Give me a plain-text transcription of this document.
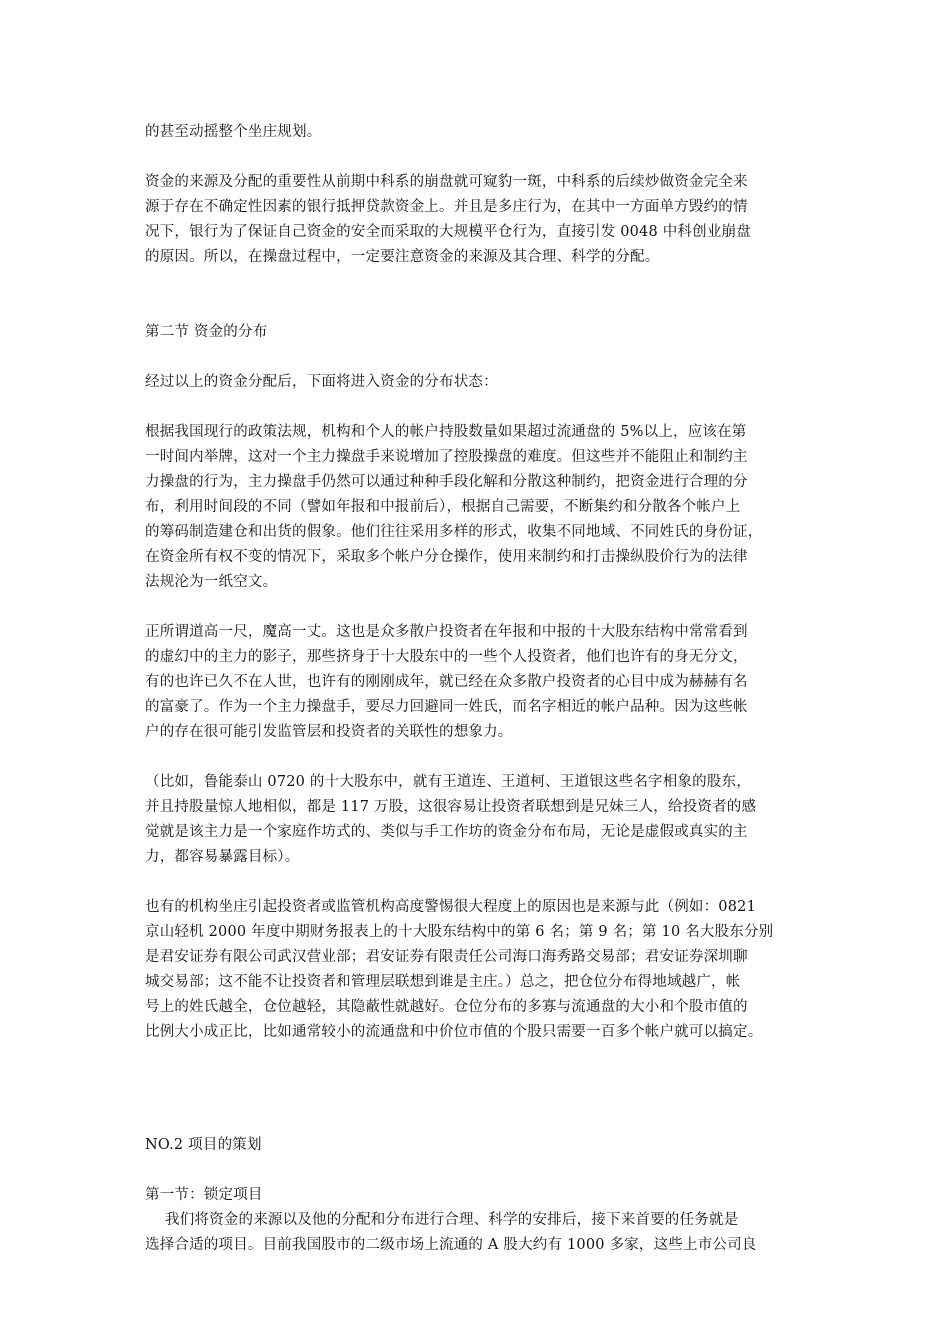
的甚至动摇整个坐庄规划。
资金的来源及分配的重要性从前期中科系的崩盘就可窥豹一斑，中科系的后续炒做资金完全来
源于存在不确定性因素的银行抵押贷款资金上。并且是多庄行为，在其中一方面单方毁约的情
况下，银行为了保证自己资金的安全而采取的大规模平仓行为，直接引发 0048 中科创业崩盘
的原因。所以，在操盘过程中，一定要注意资金的来源及其合理、科学的分配。
第二节 资金的分布
经过以上的资金分配后，下面将进入资金的分布状态：
根据我国现行的政策法规，机构和个人的帐户持股数量如果超过流通盘的 5%以上，应该在第
一时间内举牌，这对一个主力操盘手来说增加了控股操盘的难度。但这些并不能阻止和制约主
力操盘的行为，主力操盘手仍然可以通过种种手段化解和分散这种制约，把资金进行合理的分
布，利用时间段的不同（譬如年报和中报前后），根据自己需要，不断集约和分散各个帐户上
的筹码制造建仓和出货的假象。他们往往采用多样的形式，收集不同地域、不同姓氏的身份证，
在资金所有权不变的情况下，采取多个帐户分仓操作，使用来制约和打击操纵股价行为的法律
法规沦为一纸空文。
正所谓道高一尺，魔高一丈。这也是众多散户投资者在年报和中报的十大股东结构中常常看到
的虚幻中的主力的影子，那些挤身于十大股东中的一些个人投资者，他们也许有的身无分文，
有的也许已久不在人世，也许有的刚刚成年，就已经在众多散户投资者的心目中成为赫赫有名
的富豪了。作为一个主力操盘手，要尽力回避同一姓氏，而名字相近的帐户品种。因为这些帐
户的存在很可能引发监管层和投资者的关联性的想象力。
（比如，鲁能泰山 0720 的十大股东中，就有王道连、王道柯、王道银这些名字相象的股东，
并且持股量惊人地相似，都是 117 万股，这很容易让投资者联想到是兄妹三人，给投资者的感
觉就是该主力是一个家庭作坊式的、类似与手工作坊的资金分布布局，无论是虚假或真实的主
力，都容易暴露目标）。
也有的机构坐庄引起投资者或监管机构高度警惕很大程度上的原因也是来源与此（例如：0821
京山轻机 2000 年度中期财务报表上的十大股东结构中的第 6 名；第 9 名；第 10 名大股东分别
是君安证券有限公司武汉营业部；君安证券有限责任公司海口海秀路交易部；君安证券深圳聊
城交易部；这不能不让投资者和管理层联想到谁是主庄。）总之，把仓位分布得地域越广，帐
号上的姓氏越全，仓位越轻，其隐蔽性就越好。仓位分布的多寡与流通盘的大小和个股市值的
比例大小成正比，比如通常较小的流通盘和中价位市值的个股只需要一百多个帐户就可以搞定。
NO.2 项目的策划
第一节：锁定项目
我们将资金的来源以及他的分配和分布进行合理、科学的安排后，接下来首要的任务就是
选择合适的项目。目前我国股市的二级市场上流通的 A 股大约有 1000 多家，这些上市公司良
